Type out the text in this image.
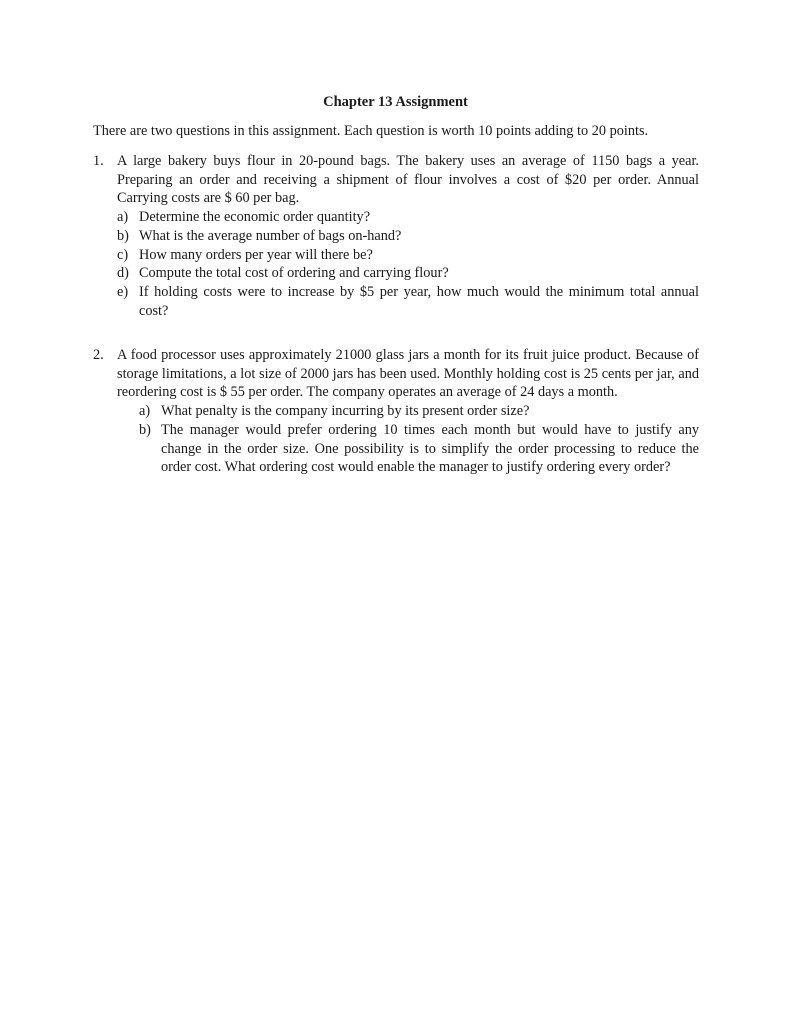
Chapter 13 Assignment
There are two questions in this assignment. Each question is worth 10 points adding to 20 points.
1. A large bakery buys flour in 20-pound bags. The bakery uses an average of 1150 bags a year. Preparing an order and receiving a shipment of flour involves a cost of $20 per order. Annual Carrying costs are $ 60 per bag.
a) Determine the economic order quantity?
b) What is the average number of bags on-hand?
c) How many orders per year will there be?
d) Compute the total cost of ordering and carrying flour?
e) If holding costs were to increase by $5 per year, how much would the minimum total annual cost?
2. A food processor uses approximately 21000 glass jars a month for its fruit juice product. Because of storage limitations, a lot size of 2000 jars has been used. Monthly holding cost is 25 cents per jar, and reordering cost is $ 55 per order. The company operates an average of 24 days a month.
a) What penalty is the company incurring by its present order size?
b) The manager would prefer ordering 10 times each month but would have to justify any change in the order size. One possibility is to simplify the order processing to reduce the order cost. What ordering cost would enable the manager to justify ordering every order?
